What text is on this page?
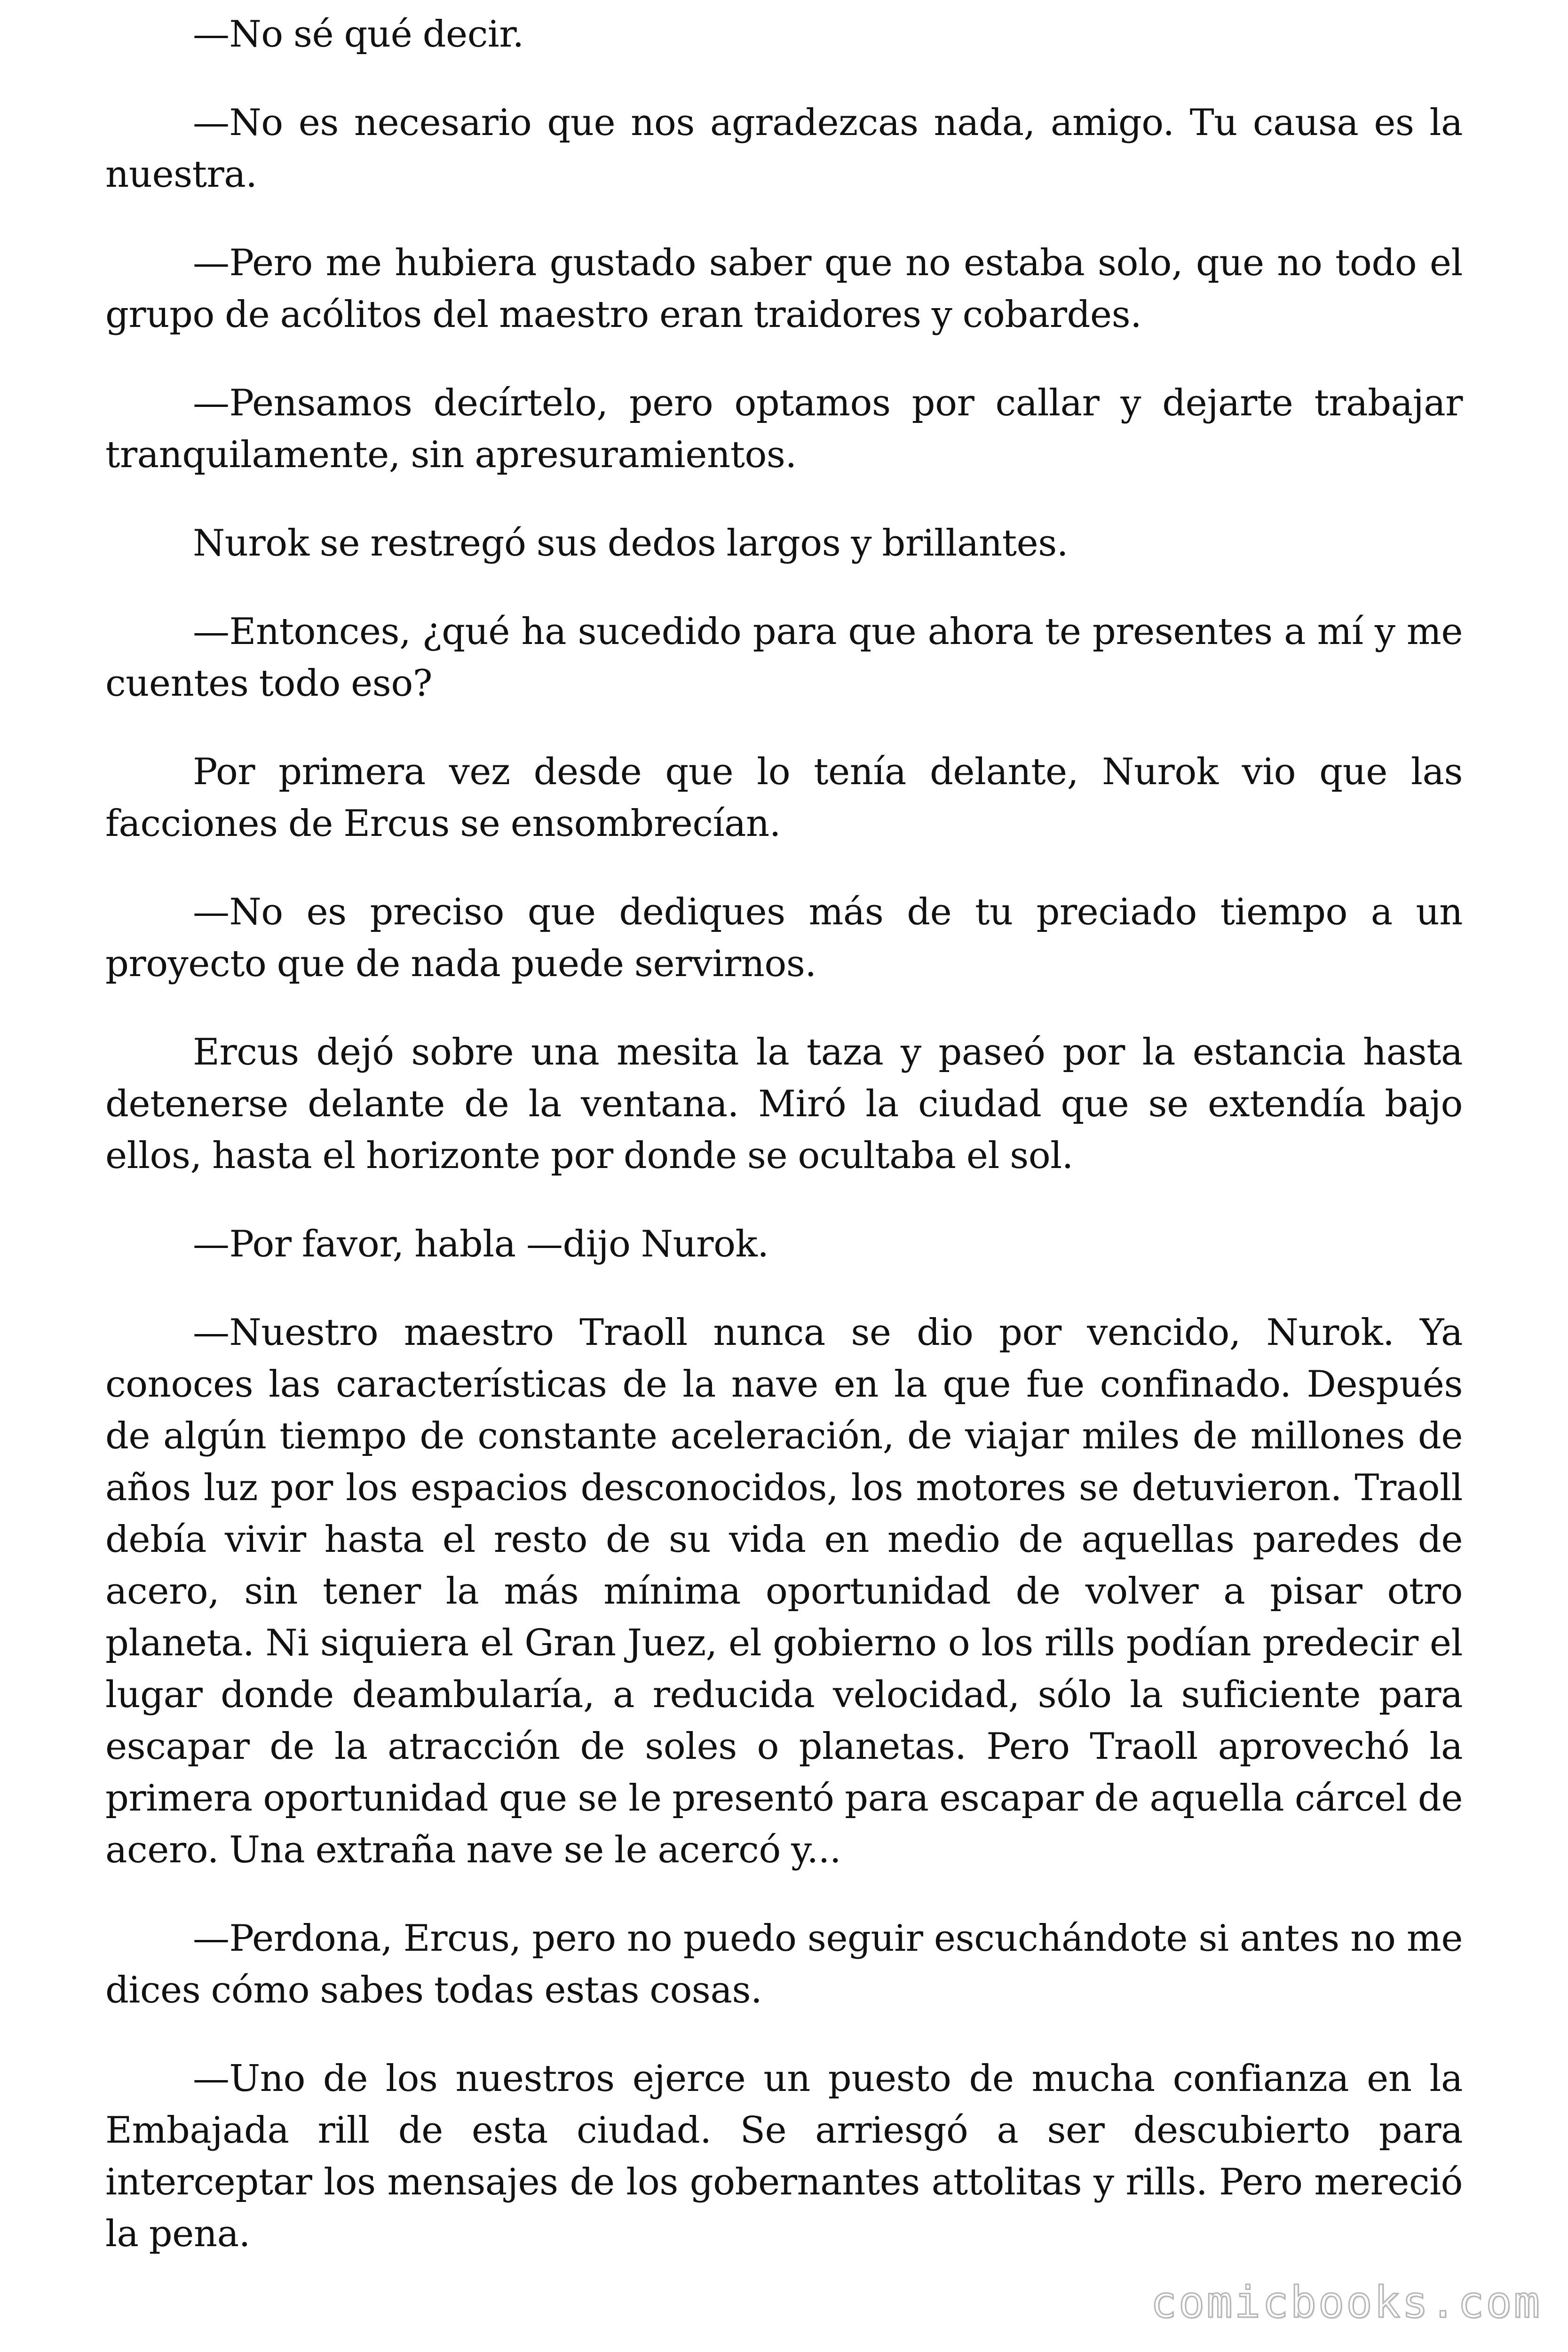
—No sé qué decir.

—No es necesario que nos agradezcas nada, amigo. Tu causa es la nuestra.

—Pero me hubiera gustado saber que no estaba solo, que no todo el grupo de acólitos del maestro eran traidores y cobardes.

—Pensamos decírtelo, pero optamos por callar y dejarte trabajar tranquilamente, sin apresuramientos.

Nurok se restregó sus dedos largos y brillantes.

—Entonces, ¿qué ha sucedido para que ahora te presentes a mí y me cuentes todo eso?

Por primera vez desde que lo tenía delante, Nurok vio que las facciones de Ercus se ensombrecían.

—No es preciso que dediques más de tu preciado tiempo a un proyecto que de nada puede servirnos.

Ercus dejó sobre una mesita la taza y paseó por la estancia hasta detenerse delante de la ventana. Miró la ciudad que se extendía bajo ellos, hasta el horizonte por donde se ocultaba el sol.

—Por favor, habla —dijo Nurok.

—Nuestro maestro Traoll nunca se dio por vencido, Nurok. Ya conoces las características de la nave en la que fue confinado. Después de algún tiempo de constante aceleración, de viajar miles de millones de años luz por los espacios desconocidos, los motores se detuvieron. Traoll debía vivir hasta el resto de su vida en medio de aquellas paredes de acero, sin tener la más mínima oportunidad de volver a pisar otro planeta. Ni siquiera el Gran Juez, el gobierno o los rills podían predecir el lugar donde deambularía, a reducida velocidad, sólo la suficiente para escapar de la atracción de soles o planetas. Pero Traoll aprovechó la primera oportunidad que se le presentó para escapar de aquella cárcel de acero. Una extraña nave se le acercó y...

—Perdona, Ercus, pero no puedo seguir escuchándote si antes no me dices cómo sabes todas estas cosas.

—Uno de los nuestros ejerce un puesto de mucha confianza en la Embajada rill de esta ciudad. Se arriesgó a ser descubierto para interceptar los mensajes de los gobernantes attolitas y rills. Pero mereció la pena.

comicbooks.com
